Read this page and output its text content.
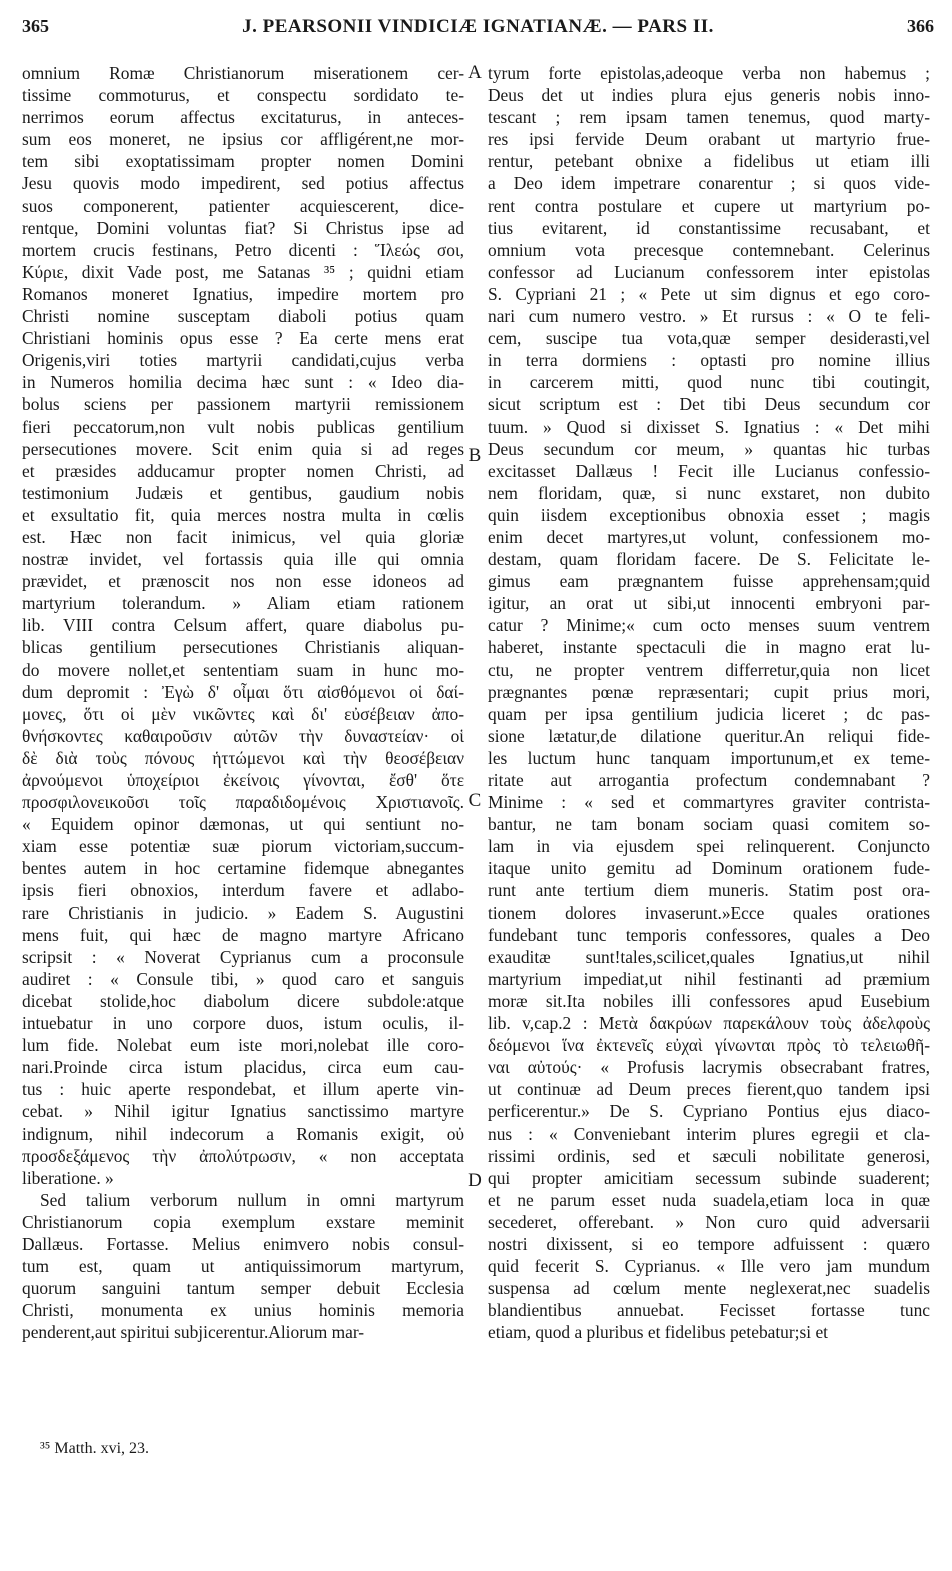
365	J. PEARSONII VINDICIÆ IGNATIANÆ. — PARS II.	366
omnium Romæ Christianorum miserationem cer-
tissime commoturus, et conspectu sordidato te-
nerrimos eorum affectus excitaturus, in anteces-
sum eos moneret, ne ipsius cor affligérent,ne mor-
tem sibi exoptatissimam propter nomen Domini
Jesu quovis modo impedirent, sed potius affectus
suos componerent, patienter acquiescerent, dice-
rentque, Domini voluntas fiat? Si Christus ipse ad
mortem crucis festinans, Petro dicenti : Ἵλεώς σοι,
Κύριε, dixit Vade post, me Satanas ³⁵ ; quidni etiam
Romanos moneret Ignatius, impedire mortem pro
Christi nomine susceptam diaboli potius quam
Christiani hominis opus esse ? Ea certe mens erat
Origenis,viri toties martyrii candidati,cujus verba
in Numeros homilia decima hæc sunt : « Ideo dia-
bolus sciens per passionem martyrii remissionem
fieri peccatorum,non vult nobis publicas gentilium
persecutiones movere. Scit enim quia si ad reges
et præsides adducamur propter nomen Christi, ad
testimonium Judæis et gentibus, gaudium nobis
et exsultatio fit, quia merces nostra multa in cœlis
est. Hæc non facit inimicus, vel quia gloriæ
nostræ invidet, vel fortassis quia ille qui omnia
prævidet, et prænoscit nos non esse idoneos ad
martyrium tolerandum. » Aliam etiam rationem
lib. VIII contra Celsum affert, quare diabolus pu-
blicas gentilium persecutiones Christianis aliquan-
do movere nollet,et sententiam suam in hunc mo-
dum depromit : Ἐγὼ δ' οἶμαι ὅτι αἰσθόμενοι οἱ δαί-
μονες, ὅτι οἱ μὲν νικῶντες καὶ δι' εὐσέβειαν ἀπο-
θνήσκοντες καθαιροῦσιν αὐτῶν τὴν δυναστείαν· οἱ
δὲ διὰ τοὺς πόνους ἡττώμενοι καὶ τὴν θεοσέβειαν
ἀρνούμενοι ὑποχείριοι ἐκείνοις γίνονται, ἔσθ' ὅτε
προσφιλονεικοῦσι τοῖς παραδιδομένοις Χριστιανοῖς.
« Equidem opinor dæmonas, ut qui sentiunt no-
xiam esse potentiæ suæ piorum victoriam,succum-
bentes autem in hoc certamine fidemque abnegantes
ipsis fieri obnoxios, interdum favere et adlabo-
rare Christianis in judicio. » Eadem S. Augustini
mens fuit, qui hæc de magno martyre Africano
scripsit : « Noverat Cyprianus cum a proconsule
audiret : « Consule tibi, » quod caro et sanguis
dicebat stolide,hoc diabolum dicere subdole:atque
intuebatur in uno corpore duos, istum oculis, il-
lum fide. Nolebat eum iste mori,nolebat ille coro-
nari.Proinde circa istum placidus, circa eum cau-
tus : huic aperte respondebat, et illum aperte vin-
cebat. » Nihil igitur Ignatius sanctissimo martyre
indignum, nihil indecorum a Romanis exigit, οὐ
προσδεξάμενος τὴν ἀπολύτρωσιν, « non acceptata
liberatione. »
Sed talium verborum nullum in omni martyrum
Christianorum copia exemplum exstare meminit
Dallæus. Fortasse. Melius enimvero nobis consul-
tum est, quam ut antiquissimorum martyrum,
quorum sanguini tantum semper debuit Ecclesia
Christi, monumenta ex unius hominis memoria
penderent,aut spiritui subjicerentur.Aliorum mar-
A
B
C
D
tyrum forte epistolas,adeoque verba non habemus ;
Deus det ut indies plura ejus generis nobis inno-
tescant ; rem ipsam tamen tenemus, quod marty-
res ipsi fervide Deum orabant ut martyrio frue-
rentur, petebant obnixe a fidelibus ut etiam illi
a Deo idem impetrare conarentur ; si quos vide-
rent contra postulare et cupere ut martyrium po-
tius evitarent, id constantissime recusabant, et
omnium vota precesque contemnebant. Celerinus
confessor ad Lucianum confessorem inter epistolas
S. Cypriani 21 ; « Pete ut sim dignus et ego coro-
nari cum numero vestro. » Et rursus : « O te feli-
cem, suscipe tua vota,quæ semper desiderasti,vel
in terra dormiens : optasti pro nomine illius
in carcerem mitti, quod nunc tibi coutingit,
sicut scriptum est : Det tibi Deus secundum cor
tuum. » Quod si dixisset S. Ignatius : « Det mihi
Deus secundum cor meum, » quantas hic turbas
excitasset Dallæus ! Fecit ille Lucianus confessio-
nem floridam, quæ, si nunc exstaret, non dubito
quin iisdem exceptionibus obnoxia esset ; magis
enim decet martyres,ut volunt, confessionem mo-
destam, quam floridam facere. De S. Felicitate le-
gimus eam prægnantem fuisse apprehensam;quid
igitur, an orat ut sibi,ut innocenti embryoni par-
catur ? Minime;« cum octo menses suum ventrem
haberet, instante spectaculi die in magno erat lu-
ctu, ne propter ventrem differretur,quia non licet
prægnantes pœnæ repræsentari; cupit prius mori,
quam per ipsa gentilium judicia liceret ; dc pas-
sione lætatur,de dilatione queritur.An reliqui fide-
les luctum hunc tanquam importunum,et ex teme-
ritate aut arrogantia profectum condemnabant ?
Minime : « sed et commartyres graviter contrista-
bantur, ne tam bonam sociam quasi comitem so-
lam in via ejusdem spei relinquerent. Conjuncto
itaque unito gemitu ad Dominum orationem fude-
runt ante tertium diem muneris. Statim post ora-
tionem dolores invaserunt.»Ecce quales orationes
fundebant tunc temporis confessores, quales a Deo
exauditæ sunt!tales,scilicet,quales Ignatius,ut nihil
martyrium impediat,ut nihil festinanti ad præmium
moræ sit.Ita nobiles illi confessores apud Eusebium
lib. v,cap.2 : Μετὰ δακρύων παρεκάλουν τοὺς ἀδελφοὺς
δεόμενοι ἵνα ἐκτενεῖς εὐχαὶ γίνωνται πρὸς τὸ τελειωθῆ-
ναι αὐτούς· « Profusis lacrymis obsecrabant fratres,
ut continuæ ad Deum preces fierent,quo tandem ipsi
perficerentur.» De S. Cypriano Pontius ejus diaco-
nus : « Conveniebant interim plures egregii et cla-
rissimi ordinis, sed et sæculi nobilitate generosi,
qui propter amicitiam secessum subinde suaderent;
et ne parum esset nuda suadela,etiam loca in quæ
secederet, offerebant. » Non curo quid adversarii
nostri dixissent, si eo tempore adfuissent : quæro
quid fecerit S. Cyprianus. « Ille vero jam mundum
suspensa ad cœlum mente neglexerat,nec suadelis
blandientibus annuebat. Fecisset fortasse tunc
etiam, quod a pluribus et fidelibus petebatur;si et
³⁵ Matth. xvi, 23.
